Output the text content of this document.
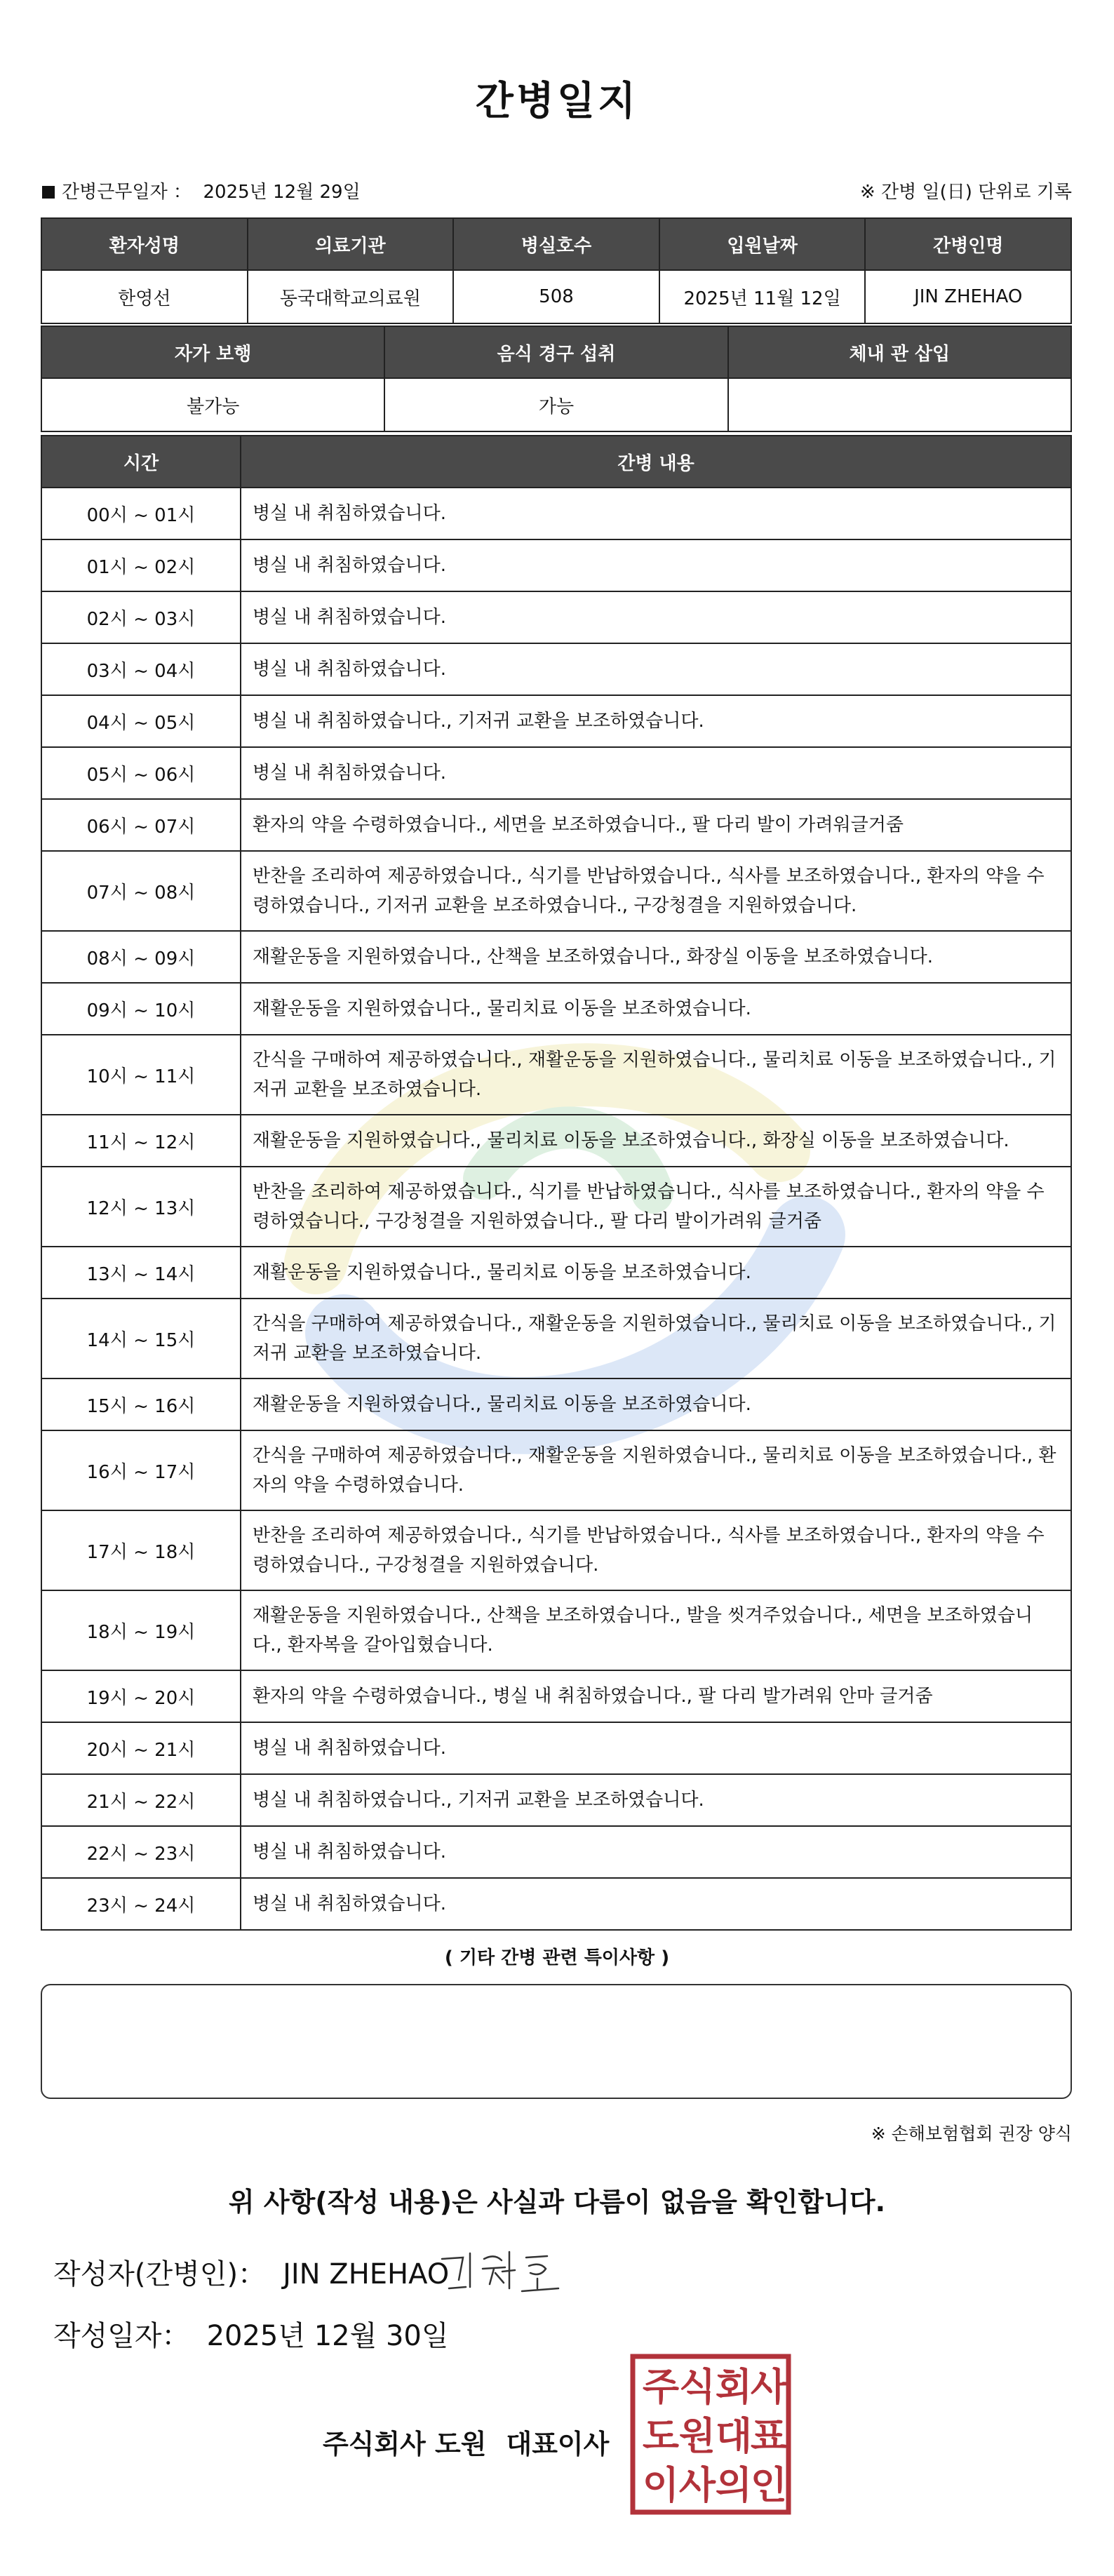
간병일지
간병근무일자 ： 2025년 12월 29일	※ 간병 일(日) 단위로 기록
환자성명	의료기관	병실호수	입원날짜	간병인명
한영선	동국대학교의료원	508	2025년 11월 12일	JIN ZHEHAO
자가 보행	음식 경구 섭취	체내 관 삽입
불가능	가능	
시간	간병 내용
00시 ~ 01시	병실 내 취침하였습니다.
01시 ~ 02시	병실 내 취침하였습니다.
02시 ~ 03시	병실 내 취침하였습니다.
03시 ~ 04시	병실 내 취침하였습니다.
04시 ~ 05시	병실 내 취침하였습니다., 기저귀 교환을 보조하였습니다.
05시 ~ 06시	병실 내 취침하였습니다.
06시 ~ 07시	환자의 약을 수령하였습니다., 세면을 보조하였습니다., 팔 다리 발이 가려워글거줌
07시 ~ 08시	반찬을 조리하여 제공하였습니다., 식기를 반납하였습니다., 식사를 보조하였습니다., 환자의 약을 수령하였습니다., 기저귀 교환을 보조하였습니다., 구강청결을 지원하였습니다.
08시 ~ 09시	재활운동을 지원하였습니다., 산책을 보조하였습니다., 화장실 이동을 보조하였습니다.
09시 ~ 10시	재활운동을 지원하였습니다., 물리치료 이동을 보조하였습니다.
10시 ~ 11시	간식을 구매하여 제공하였습니다., 재활운동을 지원하였습니다., 물리치료 이동을 보조하였습니다., 기저귀 교환을 보조하였습니다.
11시 ~ 12시	재활운동을 지원하였습니다., 물리치료 이동을 보조하였습니다., 화장실 이동을 보조하였습니다.
12시 ~ 13시	반찬을 조리하여 제공하였습니다., 식기를 반납하였습니다., 식사를 보조하였습니다., 환자의 약을 수령하였습니다., 구강청결을 지원하였습니다., 팔 다리 발이가려워 글거줌
13시 ~ 14시	재활운동을 지원하였습니다., 물리치료 이동을 보조하였습니다.
14시 ~ 15시	간식을 구매하여 제공하였습니다., 재활운동을 지원하였습니다., 물리치료 이동을 보조하였습니다., 기저귀 교환을 보조하였습니다.
15시 ~ 16시	재활운동을 지원하였습니다., 물리치료 이동을 보조하였습니다.
16시 ~ 17시	간식을 구매하여 제공하였습니다., 재활운동을 지원하였습니다., 물리치료 이동을 보조하였습니다., 환자의 약을 수령하였습니다.
17시 ~ 18시	반찬을 조리하여 제공하였습니다., 식기를 반납하였습니다., 식사를 보조하였습니다., 환자의 약을 수령하였습니다., 구강청결을 지원하였습니다.
18시 ~ 19시	재활운동을 지원하였습니다., 산책을 보조하였습니다., 발을 씻겨주었습니다., 세면을 보조하였습니다., 환자복을 갈아입혔습니다.
19시 ~ 20시	환자의 약을 수령하였습니다., 병실 내 취침하였습니다., 팔 다리 발가려워 안마 글거줌
20시 ~ 21시	병실 내 취침하였습니다.
21시 ~ 22시	병실 내 취침하였습니다., 기저귀 교환을 보조하였습니다.
22시 ~ 23시	병실 내 취침하였습니다.
23시 ~ 24시	병실 내 취침하였습니다.
( 기타 간병 관련 특이사항 )
※ 손해보험협회 권장 양식
위 사항(작성 내용)은 사실과 다름이 없음을 확인합니다.
작성자(간병인)： JIN ZHEHAO
작성일자： 2025년 12월 30일
주식회사 도원 대표이사
주 식 회
사
도 원 대
표
이 사 의
인
